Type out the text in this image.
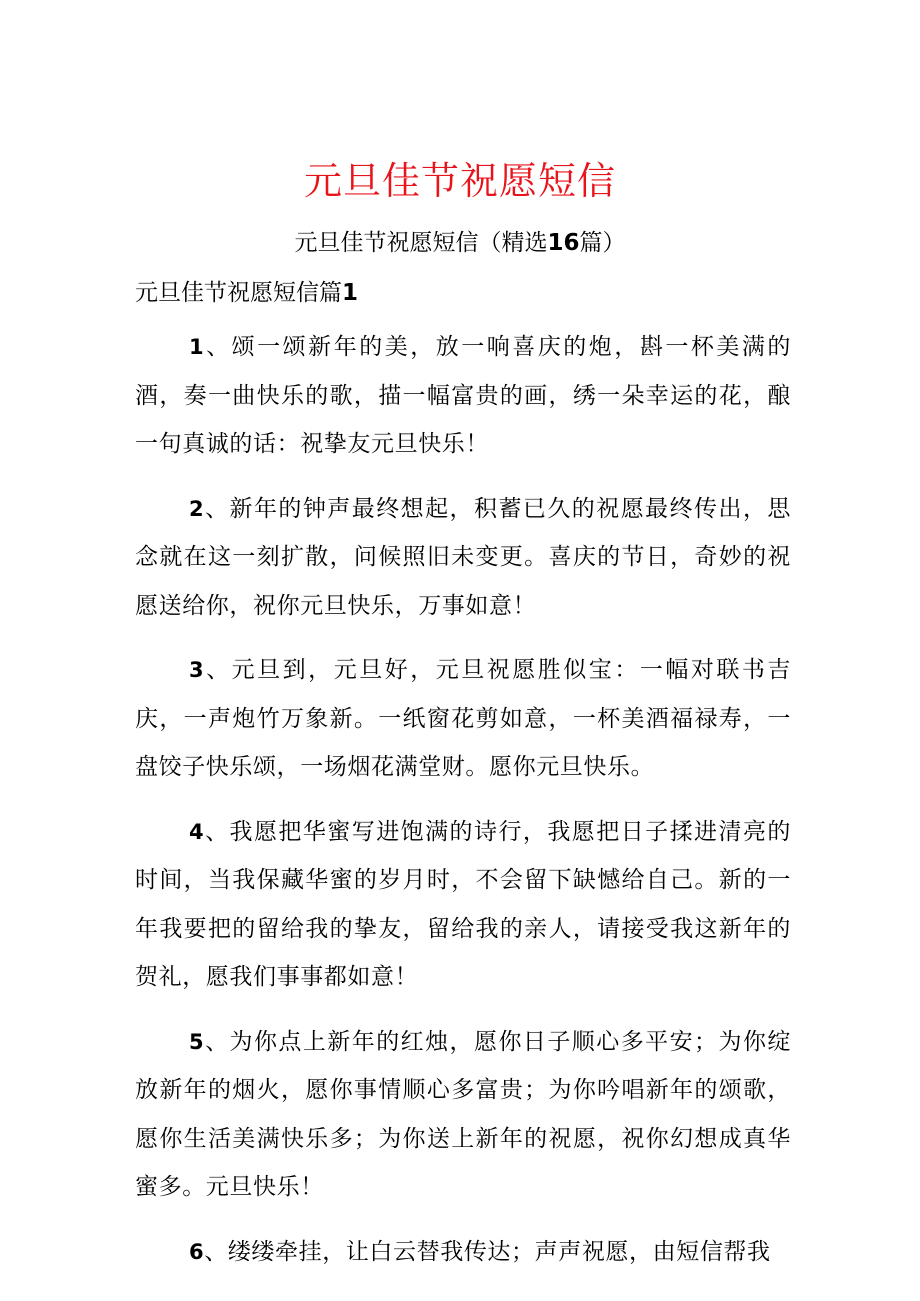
元旦佳节祝愿短信

元旦佳节祝愿短信（精选16篇）

元旦佳节祝愿短信篇1

1、颂一颂新年的美，放一响喜庆的炮，斟一杯美满的酒，奏一曲快乐的歌，描一幅富贵的画，绣一朵幸运的花，酿一句真诚的话：祝挚友元旦快乐！

2、新年的钟声最终想起，积蓄已久的祝愿最终传出，思念就在这一刻扩散，问候照旧未变更。喜庆的节日，奇妙的祝愿送给你，祝你元旦快乐，万事如意！

3、元旦到，元旦好，元旦祝愿胜似宝：一幅对联书吉庆，一声炮竹万象新。一纸窗花剪如意，一杯美酒福禄寿，一盘饺子快乐颂，一场烟花满堂财。愿你元旦快乐。

4、我愿把华蜜写进饱满的诗行，我愿把日子揉进清亮的时间，当我保藏华蜜的岁月时，不会留下缺憾给自己。新的一年我要把的留给我的挚友，留给我的亲人，请接受我这新年的贺礼，愿我们事事都如意！

5、为你点上新年的红烛，愿你日子顺心多平安；为你绽放新年的烟火，愿你事情顺心多富贵；为你吟唱新年的颂歌，愿你生活美满快乐多；为你送上新年的祝愿，祝你幻想成真华蜜多。元旦快乐！

6、缕缕牵挂，让白云替我传达；声声祝愿，由短信帮我
